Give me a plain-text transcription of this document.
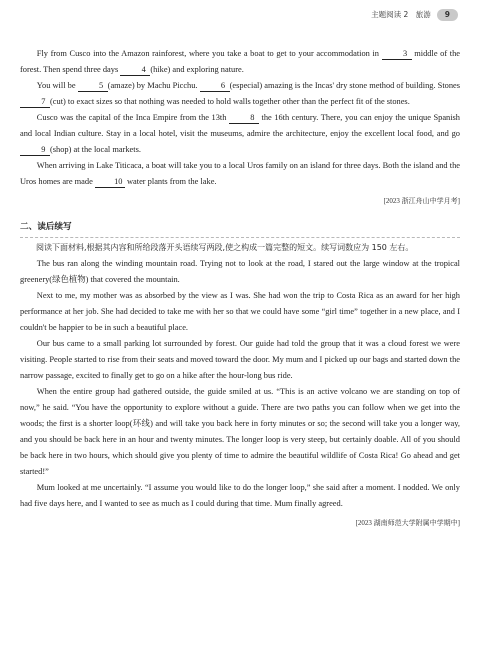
主题阅读 2　旅游	9

Fly from Cusco into the Amazon rainforest, where you take a boat to get to your accommodation in	3 middle of the forest. Then spend three days	4 (hike) and exploring nature.

You will be	5 (amaze) by Machu Picchu.	6 (especial) amazing is the Incas' dry stone method of building. Stones 7 (cut) to exact sizes so that nothing was needed to hold walls together other than the perfect fit of the stones.

Cusco was the capital of the Inca Empire from the 13th	8 the 16th century. There, you can enjoy the unique Spanish and local Indian culture. Stay in a local hotel, visit the museums, admire the architecture, enjoy the excellent local food, and go 9 (shop) at the local markets.

When arriving in Lake Titicaca, a boat will take you to a local Uros family on an island for three days. Both the island and the Uros homes are made 10 water plants from the lake.

[2023 浙江舟山中学月考]
二、读后续写

阅读下面材料,根据其内容和所给段落开头语续写两段,使之构成一篇完整的短文。续写词数应为 150 左右。

The bus ran along the winding mountain road. Trying not to look at the road, I stared out the large window at the tropical greenery(绿色植物) that covered the mountain.

Next to me, my mother was as absorbed by the view as I was. She had won the trip to Costa Rica as an award for her high performance at her job. She had decided to take me with her so that we could have some “girl time” together in a new place, and I couldn't be happier to be in such a beautiful place.

Our bus came to a small parking lot surrounded by forest. Our guide had told the group that it was a cloud forest we were visiting. People started to rise from their seats and moved toward the door. My mum and I picked up our bags and started down the narrow passage, excited to finally get to go on a hike after the hour-long bus ride.

When the entire group had gathered outside, the guide smiled at us. “This is an active volcano we are standing on top of now,” he said. “You have the opportunity to explore without a guide. There are two paths you can follow when we get into the woods; the first is a shorter loop(环线) and will take you back here in forty minutes or so; the second will take you a longer way, and you should be back here in an hour and twenty minutes. The longer loop is very steep, but certainly doable. All of you should be back here in two hours, which should give you plenty of time to admire the beautiful wildlife of Costa Rica! Go ahead and get started!”

Mum looked at me uncertainly. “I assume you would like to do the longer loop,” she said after a moment. I nodded. We only had five days here, and I wanted to see as much as I could during that time. Mum finally agreed.

[2023 湖南师范大学附属中学期中]
